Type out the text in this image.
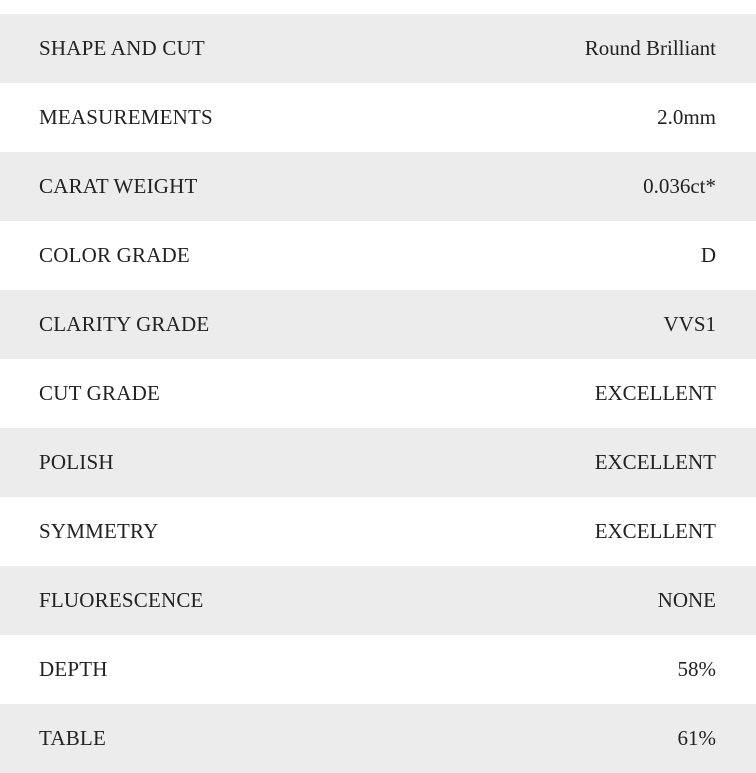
SHAPE AND CUT	Round Brilliant
MEASUREMENTS	2.0mm
CARAT WEIGHT	0.036ct*
COLOR GRADE	D
CLARITY GRADE	VVS1
CUT GRADE	EXCELLENT
POLISH	EXCELLENT
SYMMETRY	EXCELLENT
FLUORESCENCE	NONE
DEPTH	58%
TABLE	61%
